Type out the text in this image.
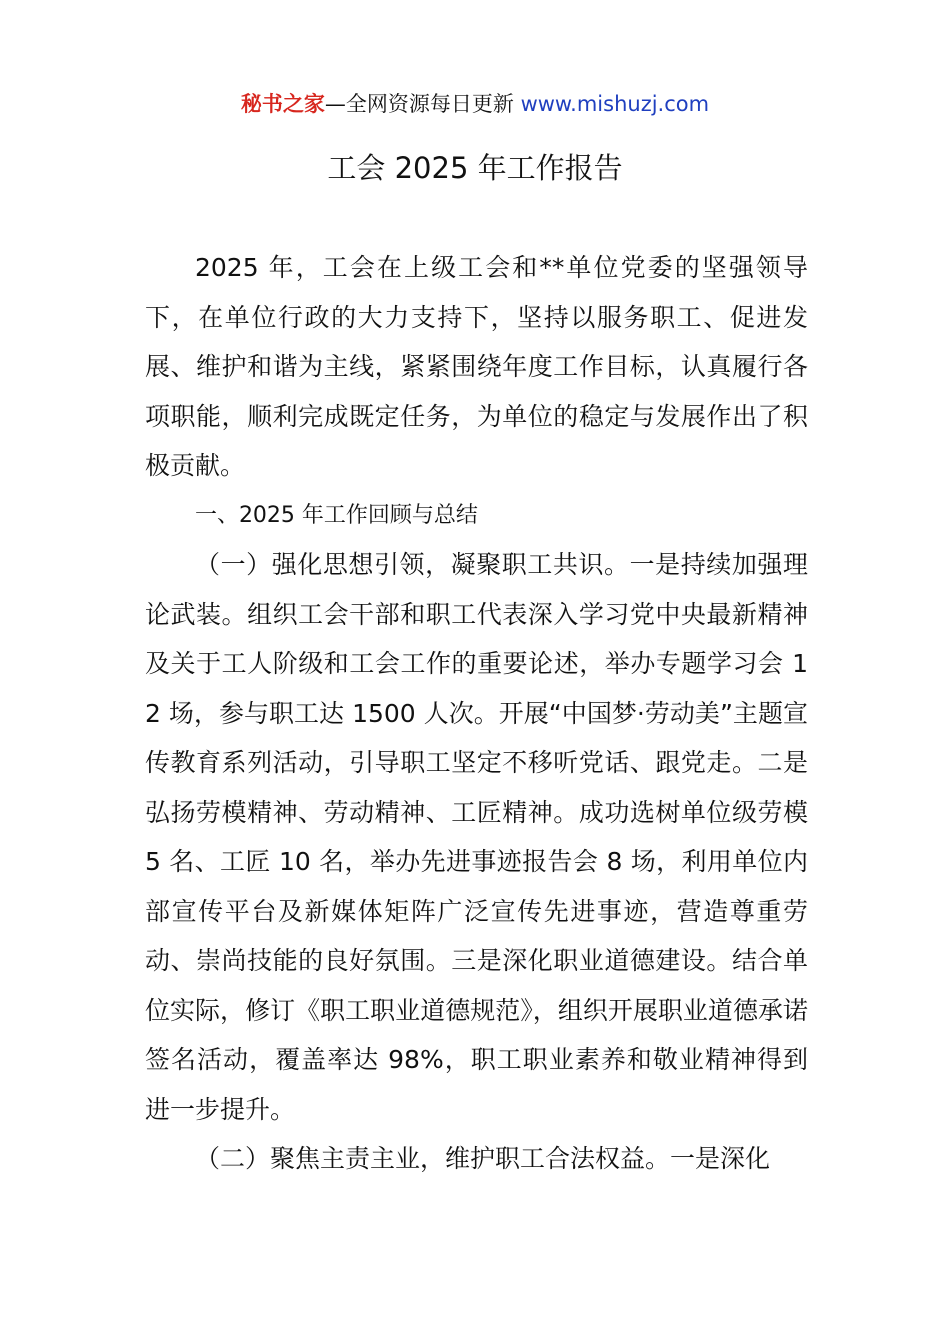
秘书之家—全网资源每日更新 www.mishuzj.com
工会 2025 年工作报告

2025 年，工会在上级工会和**单位党委的坚强领导下，在单位行政的大力支持下，坚持以服务职工、促进发展、维护和谐为主线，紧紧围绕年度工作目标，认真履行各项职能，顺利完成既定任务，为单位的稳定与发展作出了积极贡献。

一、2025 年工作回顾与总结

（一）强化思想引领，凝聚职工共识。一是持续加强理论武装。组织工会干部和职工代表深入学习党中央最新精神及关于工人阶级和工会工作的重要论述，举办专题学习会 12 场，参与职工达 1500 人次。开展“中国梦·劳动美”主题宣传教育系列活动，引导职工坚定不移听党话、跟党走。二是弘扬劳模精神、劳动精神、工匠精神。成功选树单位级劳模 5 名、工匠 10 名，举办先进事迹报告会 8 场，利用单位内部宣传平台及新媒体矩阵广泛宣传先进事迹，营造尊重劳动、崇尚技能的良好氛围。三是深化职业道德建设。结合单位实际，修订《职工职业道德规范》，组织开展职业道德承诺签名活动，覆盖率达 98%，职工职业素养和敬业精神得到进一步提升。

（二）聚焦主责主业，维护职工合法权益。一是深化
